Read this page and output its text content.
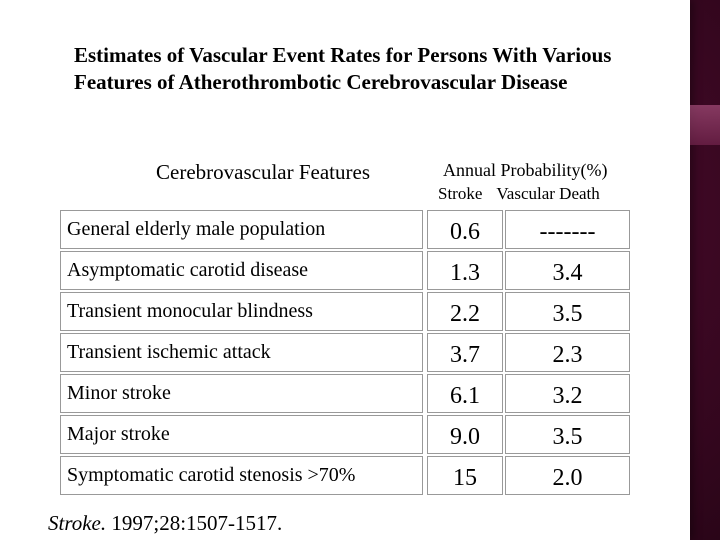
Estimates of Vascular Event Rates for Persons With Various Features of Atherothrombotic Cerebrovascular Disease
Cerebrovascular Features	Annual Probability(%)
Stroke Vascular Death
General elderly male population	0.6	-------
Asymptomatic carotid disease	1.3	3.4
Transient monocular blindness	2.2	3.5
Transient ischemic attack	3.7	2.3
Minor stroke	6.1	3.2
Major stroke	9.0	3.5
Symptomatic carotid stenosis >70%	15	2.0
Stroke. 1997;28:1507-1517.
